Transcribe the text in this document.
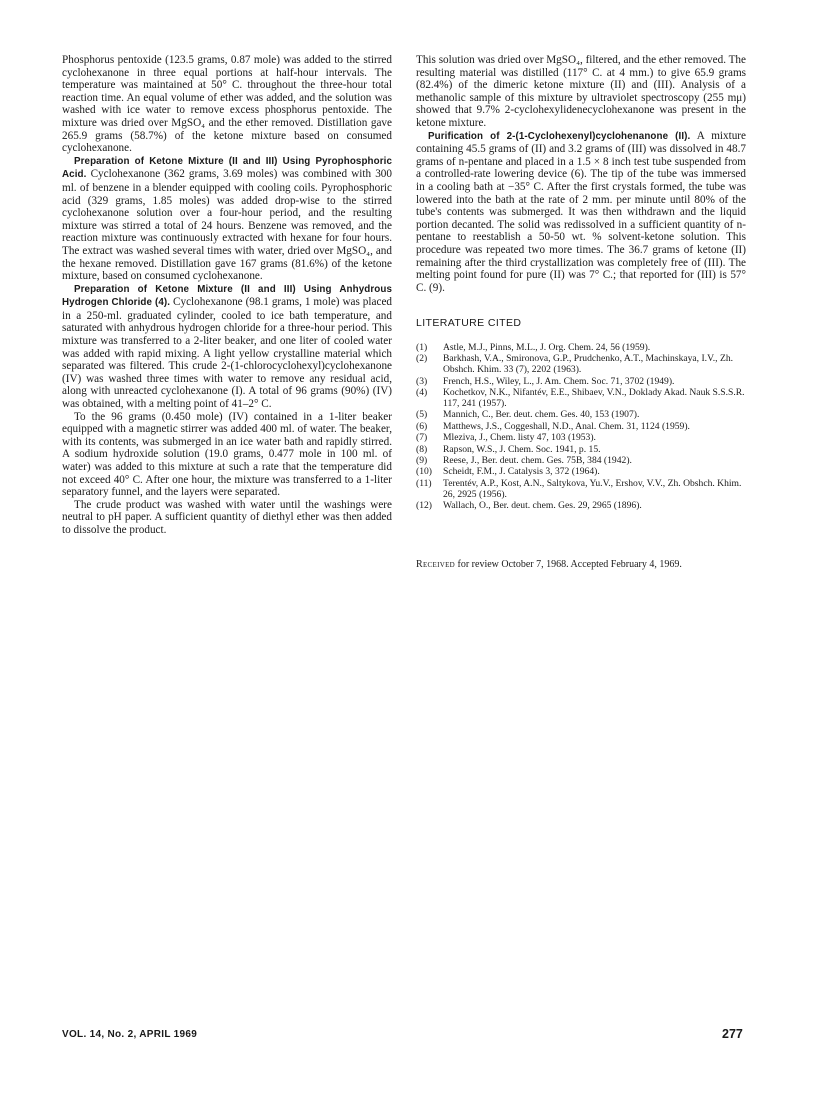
Phosphorus pentoxide (123.5 grams, 0.87 mole) was added to the stirred cyclohexanone in three equal portions at half-hour intervals. The temperature was maintained at 50° C. throughout the three-hour total reaction time. An equal volume of ether was added, and the solution was washed with ice water to remove excess phosphorus pentoxide. The mixture was dried over MgSO₄ and the ether removed. Distillation gave 265.9 grams (58.7%) of the ketone mixture based on consumed cyclohexanone.

Preparation of Ketone Mixture (II and III) Using Pyrophosphoric Acid. Cyclohexanone (362 grams, 3.69 moles) was combined with 300 ml. of benzene in a blender equipped with cooling coils. Pyrophosphoric acid (329 grams, 1.85 moles) was added drop-wise to the stirred cyclohexanone solution over a four-hour period, and the resulting mixture was stirred a total of 24 hours. Benzene was removed, and the reaction mixture was continuously extracted with hexane for four hours. The extract was washed several times with water, dried over MgSO₄, and the hexane removed. Distillation gave 167 grams (81.6%) of the ketone mixture, based on consumed cyclohexanone.

Preparation of Ketone Mixture (II and III) Using Anhydrous Hydrogen Chloride (4). Cyclohexanone (98.1 grams, 1 mole) was placed in a 250-ml. graduated cylinder, cooled to ice bath temperature, and saturated with anhydrous hydrogen chloride for a three-hour period. This mixture was transferred to a 2-liter beaker, and one liter of cooled water was added with rapid mixing. A light yellow crystalline material which separated was filtered. This crude 2-(1-chlorocyclohexyl)cyclohexanone (IV) was washed three times with water to remove any residual acid, along with unreacted cyclohexanone (I). A total of 96 grams (90%) (IV) was obtained, with a melting point of 41–2° C.

To the 96 grams (0.450 mole) (IV) contained in a 1-liter beaker equipped with a magnetic stirrer was added 400 ml. of water. The beaker, with its contents, was submerged in an ice water bath and rapidly stirred. A sodium hydroxide solution (19.0 grams, 0.477 mole in 100 ml. of water) was added to this mixture at such a rate that the temperature did not exceed 40° C. After one hour, the mixture was transferred to a 1-liter separatory funnel, and the layers were separated.

The crude product was washed with water until the washings were neutral to pH paper. A sufficient quantity of diethyl ether was then added to dissolve the product.

This solution was dried over MgSO₄, filtered, and the ether removed. The resulting material was distilled (117° C. at 4 mm.) to give 65.9 grams (82.4%) of the dimeric ketone mixture (II) and (III). Analysis of a methanolic sample of this mixture by ultraviolet spectroscopy (255 mμ) showed that 9.7% 2-cyclohexylidenecyclohexanone was present in the ketone mixture.

Purification of 2-(1-Cyclohexenyl)cyclohenanone (II). A mixture containing 45.5 grams of (II) and 3.2 grams of (III) was dissolved in 48.7 grams of n-pentane and placed in a 1.5 × 8 inch test tube suspended from a controlled-rate lowering device (6). The tip of the tube was immersed in a cooling bath at −35° C. After the first crystals formed, the tube was lowered into the bath at the rate of 2 mm. per minute until 80% of the tube's contents was submerged. It was then withdrawn and the liquid portion decanted. The solid was redissolved in a sufficient quantity of n-pentane to reestablish a 50-50 wt. % solvent-ketone solution. This procedure was repeated two more times. The 36.7 grams of ketone (II) remaining after the third crystallization was completely free of (III). The melting point found for pure (II) was 7° C.; that reported for (III) is 57° C. (9).

LITERATURE CITED
(1)	Astle, M.J., Pinns, M.L., J. Org. Chem. 24, 56 (1959).
(2)	Barkhash, V.A., Smironova, G.P., Prudchenko, A.T., Machinskaya, I.V., Zh. Obshch. Khim. 33 (7), 2202 (1963).
(3)	French, H.S., Wiley, L., J. Am. Chem. Soc. 71, 3702 (1949).
(4)	Kochetkov, N.K., Nifantév, E.E., Shibaev, V.N., Doklady Akad. Nauk S.S.S.R. 117, 241 (1957).
(5)	Mannich, C., Ber. deut. chem. Ges. 40, 153 (1907).
(6)	Matthews, J.S., Coggeshall, N.D., Anal. Chem. 31, 1124 (1959).
(7)	Mleziva, J., Chem. listy 47, 103 (1953).
(8)	Rapson, W.S., J. Chem. Soc. 1941, p. 15.
(9)	Reese, J., Ber. deut. chem. Ges. 75B, 384 (1942).
(10)	Scheidt, F.M., J. Catalysis 3, 372 (1964).
(11)	Terentév, A.P., Kost, A.N., Saltykova, Yu.V., Ershov, V.V., Zh. Obshch. Khim. 26, 2925 (1956).
(12)	Wallach, O., Ber. deut. chem. Ges. 29, 2965 (1896).
Received for review October 7, 1968. Accepted February 4, 1969.
VOL. 14, No. 2, APRIL 1969	277
